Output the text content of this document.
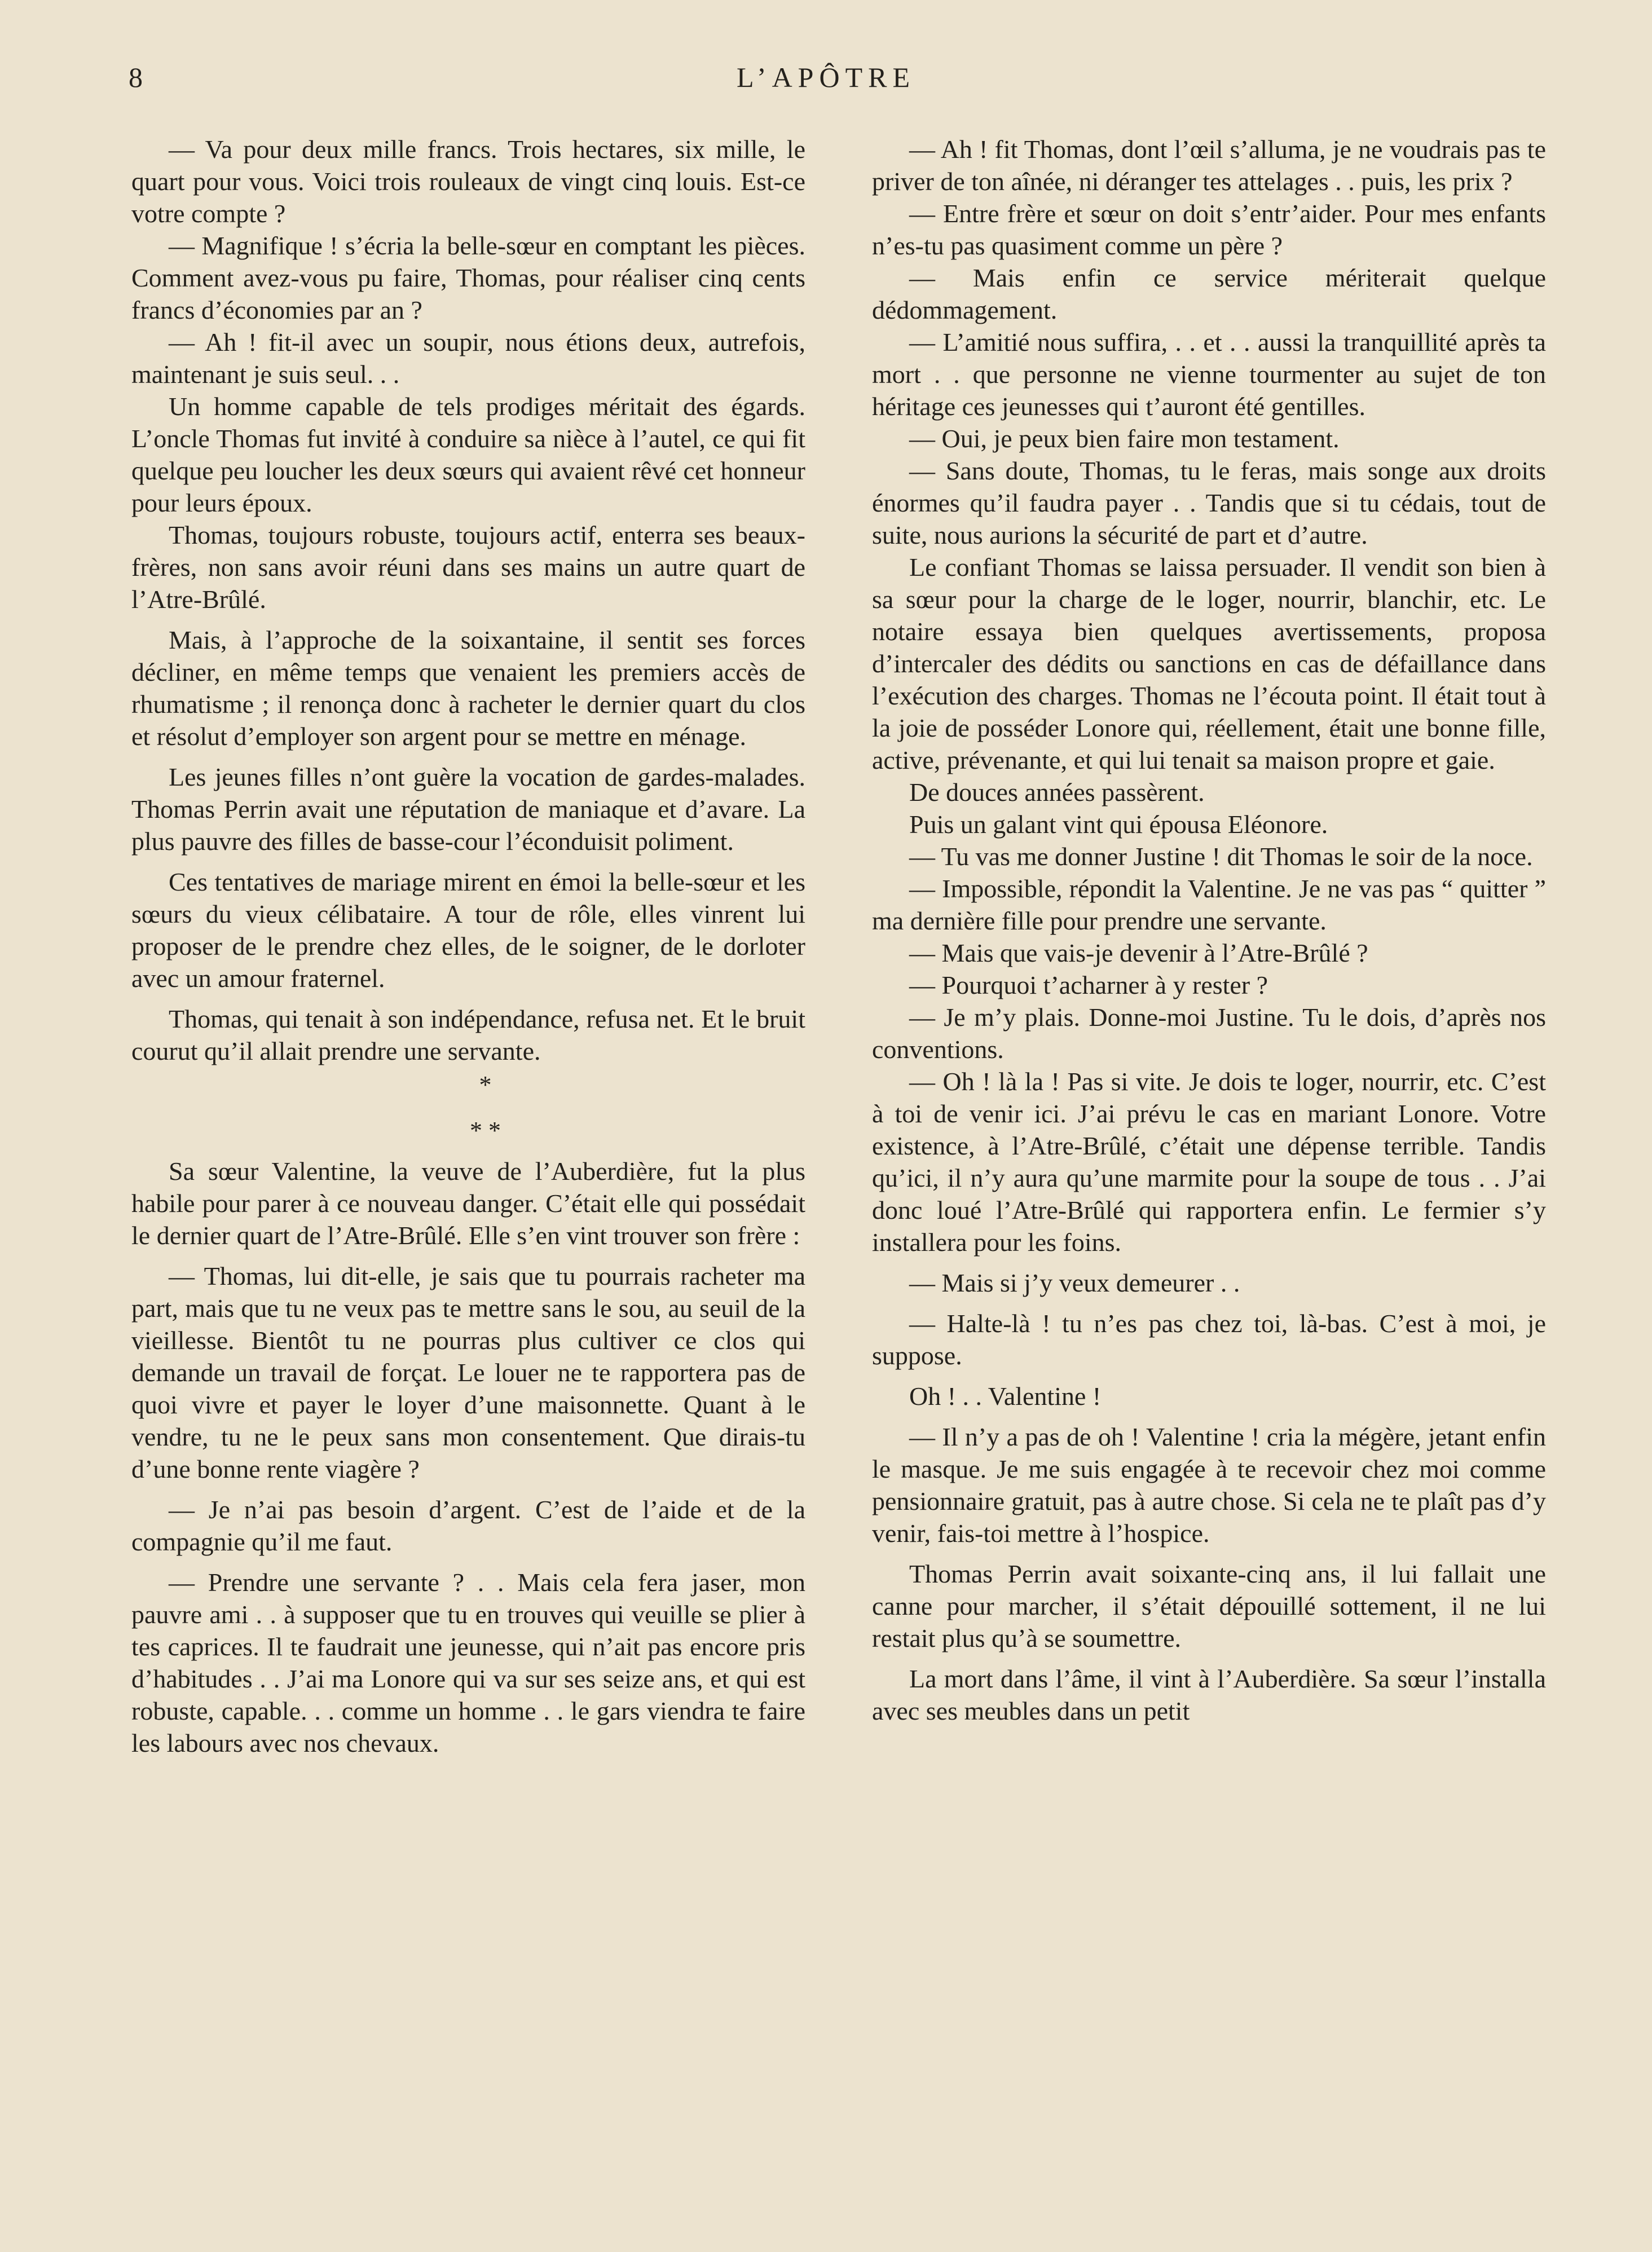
8	L’APÔTRE

— Va pour deux mille francs. Trois hectares, six mille, le quart pour vous. Voici trois rouleaux de vingt cinq louis. Est-ce votre compte ?

— Magnifique ! s’écria la belle-sœur en comptant les pièces. Comment avez-vous pu faire, Thomas, pour réaliser cinq cents francs d’économies par an ?

— Ah ! fit-il avec un soupir, nous étions deux, autrefois, maintenant je suis seul. . .

Un homme capable de tels prodiges méritait des égards. L’oncle Thomas fut invité à conduire sa nièce à l’autel, ce qui fit quelque peu loucher les deux sœurs qui avaient rêvé cet honneur pour leurs époux.

Thomas, toujours robuste, toujours actif, enterra ses beaux-frères, non sans avoir réuni dans ses mains un autre quart de l’Atre-Brûlé.

Mais, à l’approche de la soixantaine, il sentit ses forces décliner, en même temps que venaient les premiers accès de rhumatisme ; il renonça donc à racheter le dernier quart du clos et résolut d’employer son argent pour se mettre en ménage.

Les jeunes filles n’ont guère la vocation de gardes-malades. Thomas Perrin avait une réputation de maniaque et d’avare. La plus pauvre des filles de basse-cour l’éconduisit poliment.

Ces tentatives de mariage mirent en émoi la belle-sœur et les sœurs du vieux célibataire. A tour de rôle, elles vinrent lui proposer de le prendre chez elles, de le soigner, de le dorloter avec un amour fraternel.

Thomas, qui tenait à son indépendance, refusa net. Et le bruit courut qu’il allait prendre une servante.

*
* *

Sa sœur Valentine, la veuve de l’Auberdière, fut la plus habile pour parer à ce nouveau danger. C’était elle qui possédait le dernier quart de l’Atre-Brûlé. Elle s’en vint trouver son frère :

— Thomas, lui dit-elle, je sais que tu pourrais racheter ma part, mais que tu ne veux pas te mettre sans le sou, au seuil de la vieillesse. Bientôt tu ne pourras plus cultiver ce clos qui demande un travail de forçat. Le louer ne te rapportera pas de quoi vivre et payer le loyer d’une maisonnette. Quant à le vendre, tu ne le peux sans mon consentement. Que dirais-tu d’une bonne rente viagère ?

— Je n’ai pas besoin d’argent. C’est de l’aide et de la compagnie qu’il me faut.

— Prendre une servante ? . . Mais cela fera jaser, mon pauvre ami . . à supposer que tu en trouves qui veuille se plier à tes caprices. Il te faudrait une jeunesse, qui n’ait pas encore pris d’habitudes . . J’ai ma Lonore qui va sur ses seize ans, et qui est robuste, capable. . . comme un homme . . le gars viendra te faire les labours avec nos chevaux.

— Ah ! fit Thomas, dont l’œil s’alluma, je ne voudrais pas te priver de ton aînée, ni déranger tes attelages . . puis, les prix ?

— Entre frère et sœur on doit s’entr’aider. Pour mes enfants n’es-tu pas quasiment comme un père ?

— Mais enfin ce service mériterait quelque dédommagement.

— L’amitié nous suffira, . . et . . aussi la tranquillité après ta mort . . que personne ne vienne tourmenter au sujet de ton héritage ces jeunesses qui t’auront été gentilles.

— Oui, je peux bien faire mon testament.

— Sans doute, Thomas, tu le feras, mais songe aux droits énormes qu’il faudra payer . . Tandis que si tu cédais, tout de suite, nous aurions la sécurité de part et d’autre.

Le confiant Thomas se laissa persuader. Il vendit son bien à sa sœur pour la charge de le loger, nourrir, blanchir, etc. Le notaire essaya bien quelques avertissements, proposa d’intercaler des dédits ou sanctions en cas de défaillance dans l’exécution des charges. Thomas ne l’écouta point. Il était tout à la joie de posséder Lonore qui, réellement, était une bonne fille, active, prévenante, et qui lui tenait sa maison propre et gaie.

De douces années passèrent.

Puis un galant vint qui épousa Eléonore.

— Tu vas me donner Justine ! dit Thomas le soir de la noce.

— Impossible, répondit la Valentine. Je ne vas pas “ quitter ” ma dernière fille pour prendre une servante.

— Mais que vais-je devenir à l’Atre-Brûlé ?

— Pourquoi t’acharner à y rester ?

— Je m’y plais. Donne-moi Justine. Tu le dois, d’après nos conventions.

— Oh ! là la ! Pas si vite. Je dois te loger, nourrir, etc. C’est à toi de venir ici. J’ai prévu le cas en mariant Lonore. Votre existence, à l’Atre-Brûlé, c’était une dépense terrible. Tandis qu’ici, il n’y aura qu’une marmite pour la soupe de tous . . J’ai donc loué l’Atre-Brûlé qui rapportera enfin. Le fermier s’y installera pour les foins.

— Mais si j’y veux demeurer . .

— Halte-là ! tu n’es pas chez toi, là-bas. C’est à moi, je suppose.

Oh ! . . Valentine !

— Il n’y a pas de oh ! Valentine ! cria la mégère, jetant enfin le masque. Je me suis engagée à te recevoir chez moi comme pensionnaire gratuit, pas à autre chose. Si cela ne te plaît pas d’y venir, fais-toi mettre à l’hospice.

Thomas Perrin avait soixante-cinq ans, il lui fallait une canne pour marcher, il s’était dépouillé sottement, il ne lui restait plus qu’à se soumettre.

La mort dans l’âme, il vint à l’Auberdière. Sa sœur l’installa avec ses meubles dans un petit
